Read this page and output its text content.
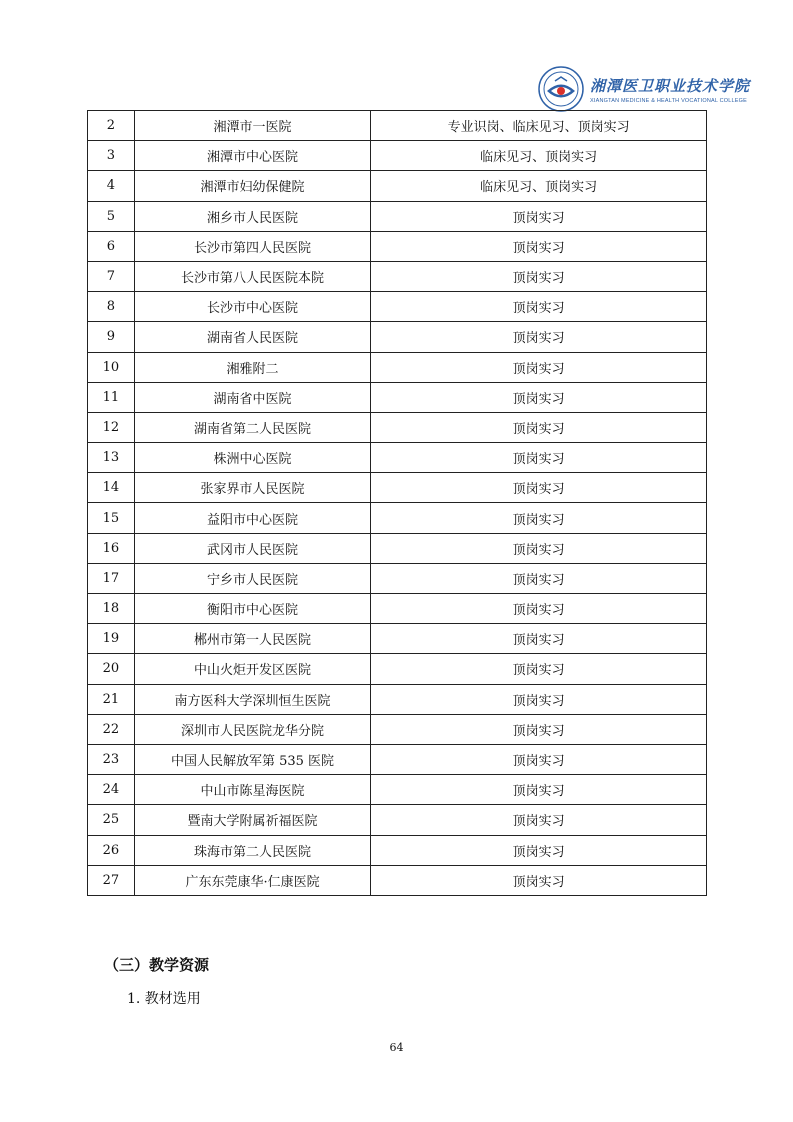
湘潭医卫职业技术学院
XIANGTAN MEDICINE & HEALTH VOCATIONAL COLLEGE
2	湘潭市一医院	专业识岗、临床见习、顶岗实习
3	湘潭市中心医院	临床见习、顶岗实习
4	湘潭市妇幼保健院	临床见习、顶岗实习
5	湘乡市人民医院	顶岗实习
6	长沙市第四人民医院	顶岗实习
7	长沙市第八人民医院本院	顶岗实习
8	长沙市中心医院	顶岗实习
9	湖南省人民医院	顶岗实习
10	湘雅附二	顶岗实习
11	湖南省中医院	顶岗实习
12	湖南省第二人民医院	顶岗实习
13	株洲中心医院	顶岗实习
14	张家界市人民医院	顶岗实习
15	益阳市中心医院	顶岗实习
16	武冈市人民医院	顶岗实习
17	宁乡市人民医院	顶岗实习
18	衡阳市中心医院	顶岗实习
19	郴州市第一人民医院	顶岗实习
20	中山火炬开发区医院	顶岗实习
21	南方医科大学深圳恒生医院	顶岗实习
22	深圳市人民医院龙华分院	顶岗实习
23	中国人民解放军第 535 医院	顶岗实习
24	中山市陈星海医院	顶岗实习
25	暨南大学附属祈福医院	顶岗实习
26	珠海市第二人民医院	顶岗实习
27	广东东莞康华·仁康医院	顶岗实习
（三）教学资源
1. 教材选用
64
